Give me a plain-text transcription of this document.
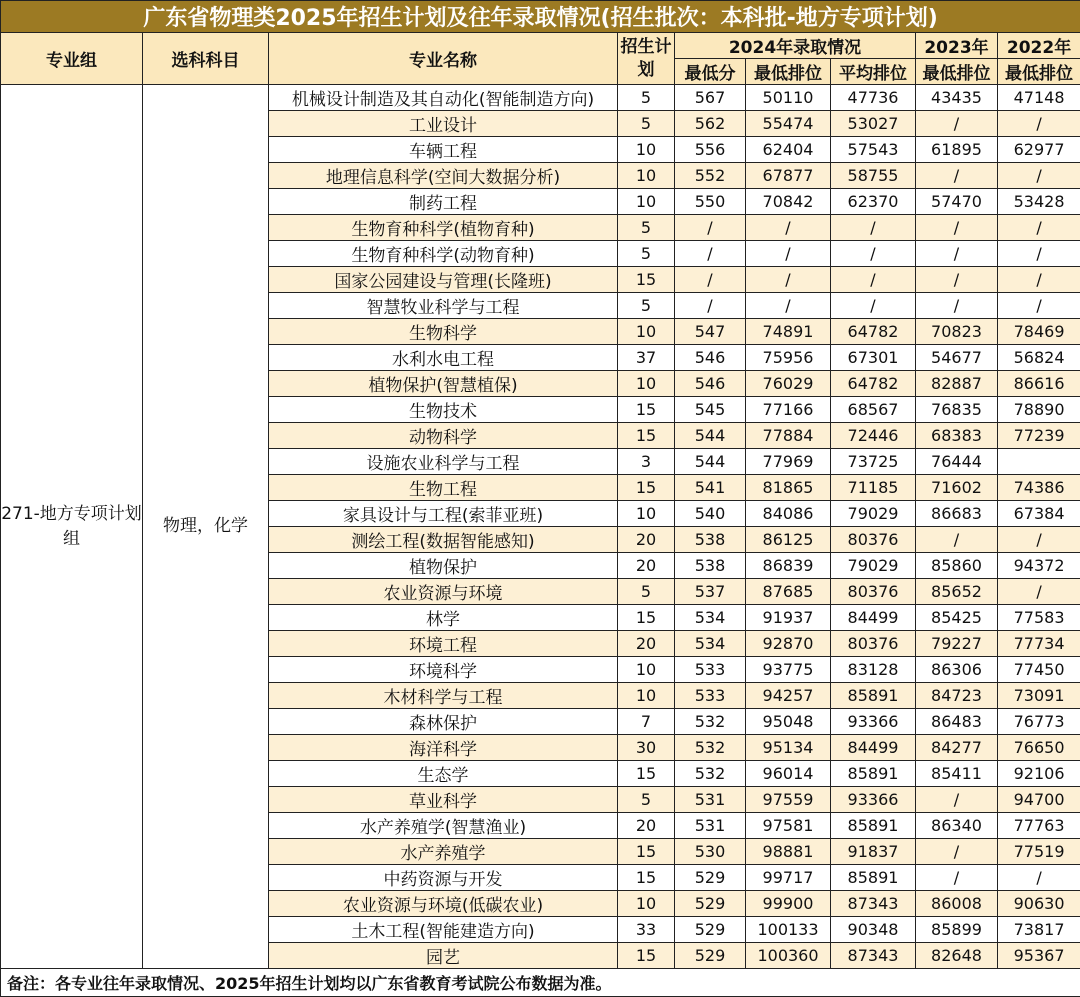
广东省物理类2025年招生计划及往年录取情况(招生批次：本科批-地方专项计划)								
专业组	选科科目	专业名称	招生计划	2024年录取情况			2023年	2022年
				最低分	最低排位	平均排位	最低排位	最低排位
271-地方专项计划组	物理，化学	机械设计制造及其自动化(智能制造方向)	5	567	50110	47736	43435	47148
		工业设计	5	562	55474	53027	/	/
		车辆工程	10	556	62404	57543	61895	62977
		地理信息科学(空间大数据分析)	10	552	67877	58755	/	/
		制药工程	10	550	70842	62370	57470	53428
		生物育种科学(植物育种)	5	/	/	/	/	/
		生物育种科学(动物育种)	5	/	/	/	/	/
		国家公园建设与管理(长隆班)	15	/	/	/	/	/
		智慧牧业科学与工程	5	/	/	/	/	/
		生物科学	10	547	74891	64782	70823	78469
		水利水电工程	37	546	75956	67301	54677	56824
		植物保护(智慧植保)	10	546	76029	64782	82887	86616
		生物技术	15	545	77166	68567	76835	78890
		动物科学	15	544	77884	72446	68383	77239
		设施农业科学与工程	3	544	77969	73725	76444	
		生物工程	15	541	81865	71185	71602	74386
		家具设计与工程(索菲亚班)	10	540	84086	79029	86683	67384
		测绘工程(数据智能感知)	20	538	86125	80376	/	/
		植物保护	20	538	86839	79029	85860	94372
		农业资源与环境	5	537	87685	80376	85652	/
		林学	15	534	91937	84499	85425	77583
		环境工程	20	534	92870	80376	79227	77734
		环境科学	10	533	93775	83128	86306	77450
		木材科学与工程	10	533	94257	85891	84723	73091
		森林保护	7	532	95048	93366	86483	76773
		海洋科学	30	532	95134	84499	84277	76650
		生态学	15	532	96014	85891	85411	92106
		草业科学	5	531	97559	93366	/	94700
		水产养殖学(智慧渔业)	20	531	97581	85891	86340	77763
		水产养殖学	15	530	98881	91837	/	77519
		中药资源与开发	15	529	99717	85891	/	/
		农业资源与环境(低碳农业)	10	529	99900	87343	86008	90630
		土木工程(智能建造方向)	33	529	100133	90348	85899	73817
		园艺	15	529	100360	87343	82648	95367
备注：各专业往年录取情况、2025年招生计划均以广东省教育考试院公布数据为准。								
